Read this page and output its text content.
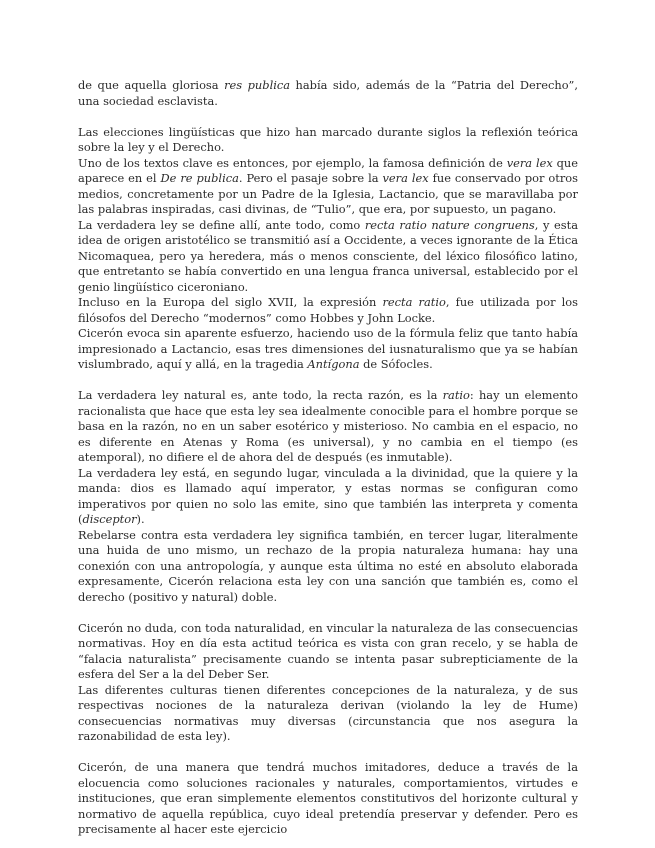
de que aquella gloriosa res publica había sido, además de la “Patria del Derecho”, una sociedad esclavista.

Las elecciones lingüísticas que hizo han marcado durante siglos la reflexión teórica sobre la ley y el Derecho.

Uno de los textos clave es entonces, por ejemplo, la famosa definición de vera lex que aparece en el De re publica. Pero el pasaje sobre la vera lex fue conservado por otros medios, concretamente por un Padre de la Iglesia, Lactancio, que se maravillaba por las palabras inspiradas, casi divinas, de “Tulio”, que era, por supuesto, un pagano.

La verdadera ley se define allí, ante todo, como recta ratio nature congruens, y esta idea de origen aristotélico se transmitió así a Occidente, a veces ignorante de la Ética Nicomaquea, pero ya heredera, más o menos consciente, del léxico filosófico latino, que entretanto se había convertido en una lengua franca universal, establecido por el genio lingüístico ciceroniano.

Incluso en la Europa del siglo XVII, la expresión recta ratio, fue utilizada por los filósofos del Derecho “modernos” como Hobbes y John Locke.

Cicerón evoca sin aparente esfuerzo, haciendo uso de la fórmula feliz que tanto había impresionado a Lactancio, esas tres dimensiones del iusnaturalismo que ya se habían vislumbrado, aquí y allá, en la tragedia Antígona de Sófocles.

La verdadera ley natural es, ante todo, la recta razón, es la ratio: hay un elemento racionalista que hace que esta ley sea idealmente conocible para el hombre porque se basa en la razón, no en un saber esotérico y misterioso. No cambia en el espacio, no es diferente en Atenas y Roma (es universal), y no cambia en el tiempo (es atemporal), no difiere el de ahora del de después (es inmutable).

La verdadera ley está, en segundo lugar, vinculada a la divinidad, que la quiere y la manda: dios es llamado aquí imperator, y estas normas se configuran como imperativos por quien no solo las emite, sino que también las interpreta y comenta (disceptor).

Rebelarse contra esta verdadera ley significa también, en tercer lugar, literalmente una huida de uno mismo, un rechazo de la propia naturaleza humana: hay una conexión con una antropología, y aunque esta última no esté en absoluto elaborada expresamente, Cicerón relaciona esta ley con una sanción que también es, como el derecho (positivo y natural) doble.

Cicerón no duda, con toda naturalidad, en vincular la naturaleza de las consecuencias normativas. Hoy en día esta actitud teórica es vista con gran recelo, y se habla de “falacia naturalista” precisamente cuando se intenta pasar subrepticiamente de la esfera del Ser a la del Deber Ser.

Las diferentes culturas tienen diferentes concepciones de la naturaleza, y de sus respectivas nociones de la naturaleza derivan (violando la ley de Hume) consecuencias normativas muy diversas (circunstancia que nos asegura la razonabilidad de esta ley).

Cicerón, de una manera que tendrá muchos imitadores, deduce a través de la elocuencia como soluciones racionales y naturales, comportamientos, virtudes e instituciones, que eran simplemente elementos constitutivos del horizonte cultural y normativo de aquella república, cuyo ideal pretendía preservar y defender. Pero es precisamente al hacer este ejercicio
